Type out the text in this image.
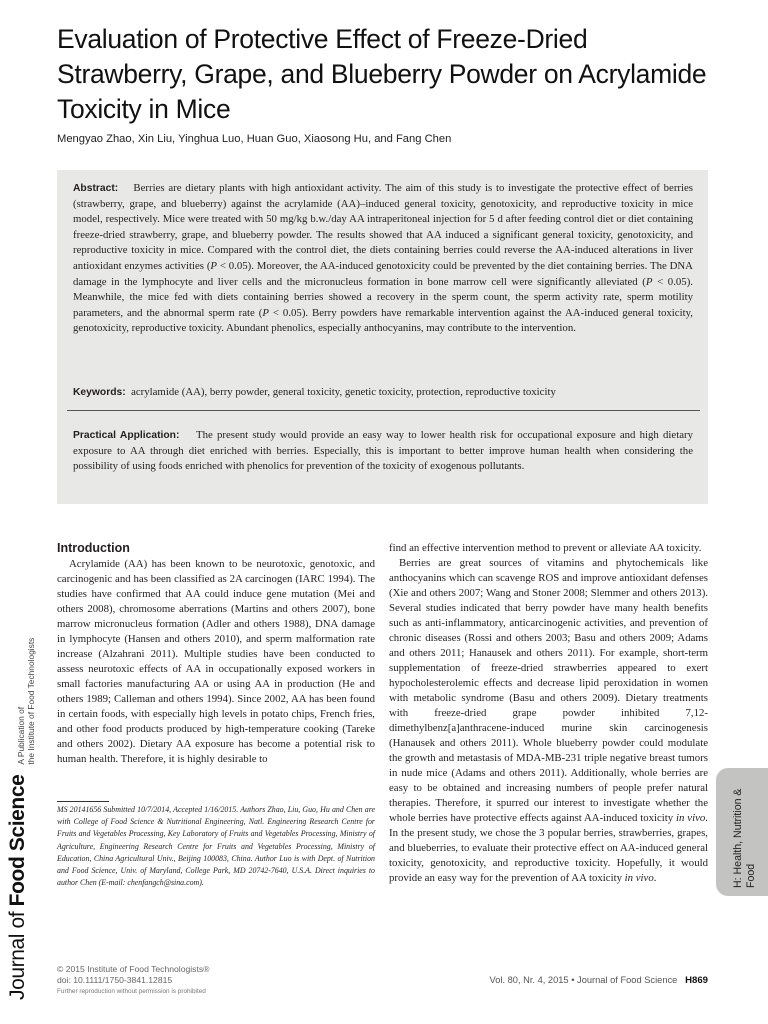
Evaluation of Protective Effect of Freeze-Dried Strawberry, Grape, and Blueberry Powder on Acrylamide Toxicity in Mice
Mengyao Zhao, Xin Liu, Yinghua Luo, Huan Guo, Xiaosong Hu, and Fang Chen

Abstract: Berries are dietary plants with high antioxidant activity. The aim of this study is to investigate the protective effect of berries (strawberry, grape, and blueberry) against the acrylamide (AA)–induced general toxicity, genotoxicity, and reproductive toxicity in mice model, respectively. Mice were treated with 50 mg/kg b.w./day AA intraperitoneal injection for 5 d after feeding control diet or diet containing freeze-dried strawberry, grape, and blueberry powder. The results showed that AA induced a significant general toxicity, genotoxicity, and reproductive toxicity in mice. Compared with the control diet, the diets containing berries could reverse the AA-induced alterations in liver antioxidant enzymes activities (P < 0.05). Moreover, the AA-induced genotoxicity could be prevented by the diet containing berries. The DNA damage in the lymphocyte and liver cells and the micronucleus formation in bone marrow cell were significantly alleviated (P < 0.05). Meanwhile, the mice fed with diets containing berries showed a recovery in the sperm count, the sperm activity rate, sperm motility parameters, and the abnormal sperm rate (P < 0.05). Berry powders have remarkable intervention against the AA-induced general toxicity, genotoxicity, reproductive toxicity. Abundant phenolics, especially anthocyanins, may contribute to the intervention.

Keywords: acrylamide (AA), berry powder, general toxicity, genetic toxicity, protection, reproductive toxicity

Practical Application: The present study would provide an easy way to lower health risk for occupational exposure and high dietary exposure to AA through diet enriched with berries. Especially, this is important to better improve human health when considering the possibility of using foods enriched with phenolics for prevention of the toxicity of exogenous pollutants.

Introduction

Acrylamide (AA) has been known to be neurotoxic, genotoxic, and carcinogenic and has been classified as 2A carcinogen (IARC 1994). The studies have confirmed that AA could induce gene mutation (Mei and others 2008), chromosome aberrations (Martins and others 2007), bone marrow micronucleus formation (Adler and others 1988), DNA damage in lymphocyte (Hansen and others 2010), and sperm malformation rate increase (Alzahrani 2011). Multiple studies have been conducted to assess neurotoxic effects of AA in occupationally exposed workers in small factories manufacturing AA or using AA in production (He and others 1989; Calleman and others 1994). Since 2002, AA has been found in certain foods, with especially high levels in potato chips, French fries, and other food products produced by high-temperature cooking (Tareke and others 2002). Dietary AA exposure has become a potential risk to human health. Therefore, it is highly desirable to

find an effective intervention method to prevent or alleviate AA toxicity.

Berries are great sources of vitamins and phytochemicals like anthocyanins which can scavenge ROS and improve antioxidant defenses (Xie and others 2007; Wang and Stoner 2008; Slemmer and others 2013). Several studies indicated that berry powder have many health benefits such as anti-inflammatory, anticarcinogenic activities, and prevention of chronic diseases (Rossi and others 2003; Basu and others 2009; Adams and others 2011; Hanausek and others 2011). For example, short-term supplementation of freeze-dried strawberries appeared to exert hypocholesterolemic effects and decrease lipid peroxidation in women with metabolic syndrome (Basu and others 2009). Dietary treatments with freeze-dried grape powder inhibited 7,12-dimethylbenz[a]anthracene-induced murine skin carcinogenesis (Hanausek and others 2011). Whole blueberry powder could modulate the growth and metastasis of MDA-MB-231 triple negative breast tumors in nude mice (Adams and others 2011). Additionally, whole berries are easy to be obtained and increasing numbers of people prefer natural therapies. Therefore, it spurred our interest to investigate whether the whole berries have protective effects against AA-induced toxicity in vivo. In the present study, we chose the 3 popular berries, strawberries, grapes, and blueberries, to evaluate their protective effect on AA-induced general toxicity, genotoxicity, and reproductive toxicity. Hopefully, it would provide an easy way for the prevention of AA toxicity in vivo.

MS 20141656 Submitted 10/7/2014, Accepted 1/16/2015. Authors Zhao, Liu, Guo, Hu and Chen are with College of Food Science & Nutritional Engineering, Natl. Engineering Research Centre for Fruits and Vegetables Processing, Key Laboratory of Fruits and Vegetables Processing, Ministry of Agriculture, Engineering Research Centre for Fruits and Vegetables Processing, Ministry of Education, China Agricultural Univ., Beijing 100083, China. Author Luo is with Dept. of Nutrition and Food Science, Univ. of Maryland, College Park, MD 20742-7640, U.S.A. Direct inquiries to author Chen (E-mail: chenfangch@sina.com).

© 2015 Institute of Food Technologists®
doi: 10.1111/1750-3841.12815
Further reproduction without permission is prohibited
Vol. 80, Nr. 4, 2015 • Journal of Food Science H869
Journal of Food Science
A Publication of
the Institute of Food Technologists
H: Health, Nutrition & Food
